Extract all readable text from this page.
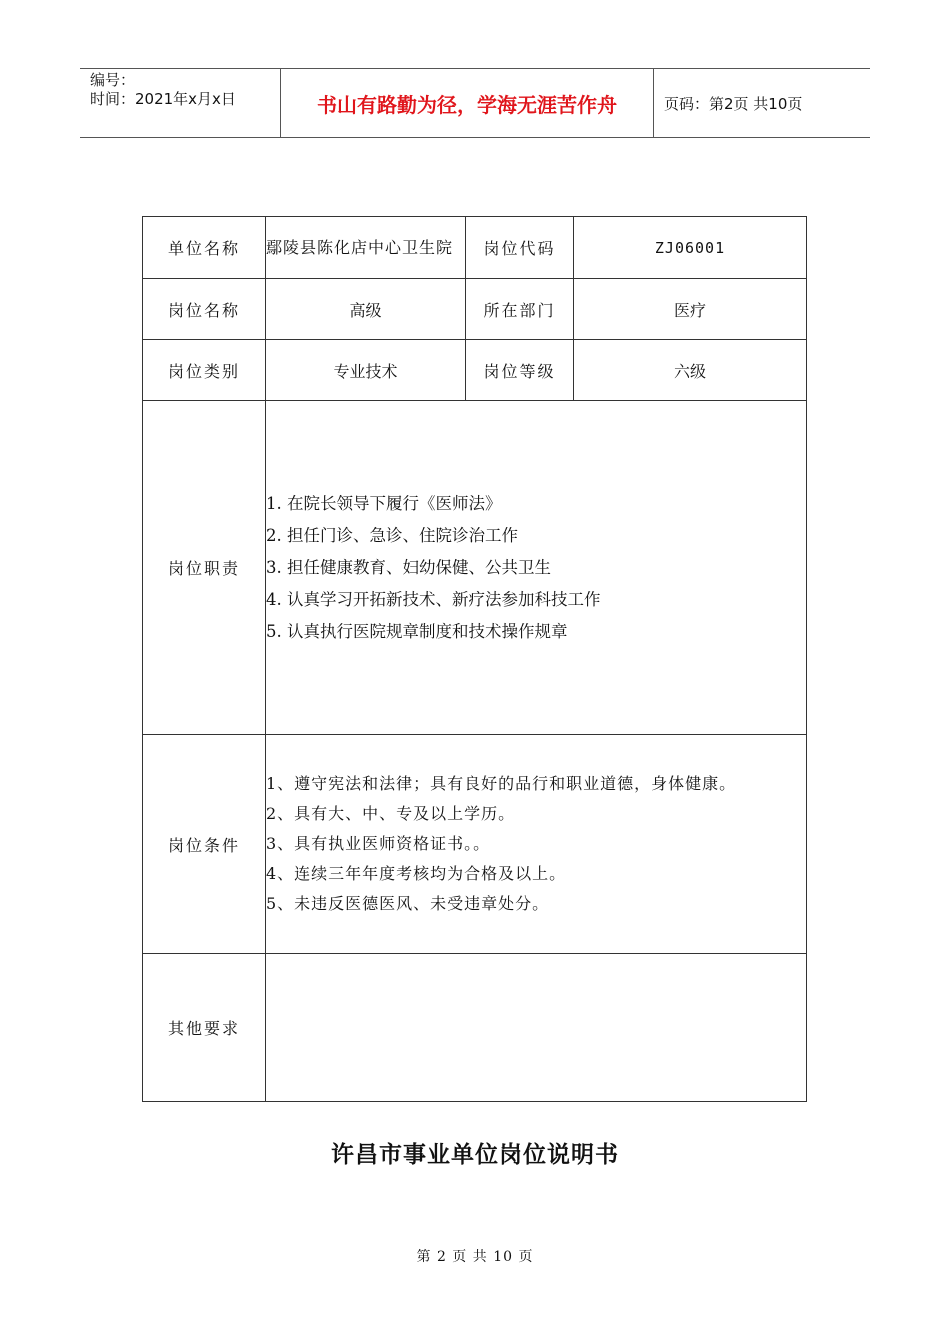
编号：
时间：2021年x月x日	书山有路勤为径，学海无涯苦作舟	页码：第2页 共10页
单位名称	鄢陵县陈化店中心卫生院	岗位代码	ZJ06001
岗位名称	高级	所在部门	医疗
岗位类别	专业技术	岗位等级	六级
岗位职责	1. 在院长领导下履行《医师法》
2. 担任门诊、急诊、住院诊治工作
3. 担任健康教育、妇幼保健、公共卫生
4. 认真学习开拓新技术、新疗法参加科技工作
5. 认真执行医院规章制度和技术操作规章		

岗位条件	1、遵守宪法和法律；具有良好的品行和职业道德，身体健康。
2、具有大、中、专及以上学历。
3、具有执业医师资格证书。。
4、连续三年年度考核均为合格及以上。
5、未违反医德医风、未受违章处分。		

其他要求			
许昌市事业单位岗位说明书
第 2 页 共 10 页
